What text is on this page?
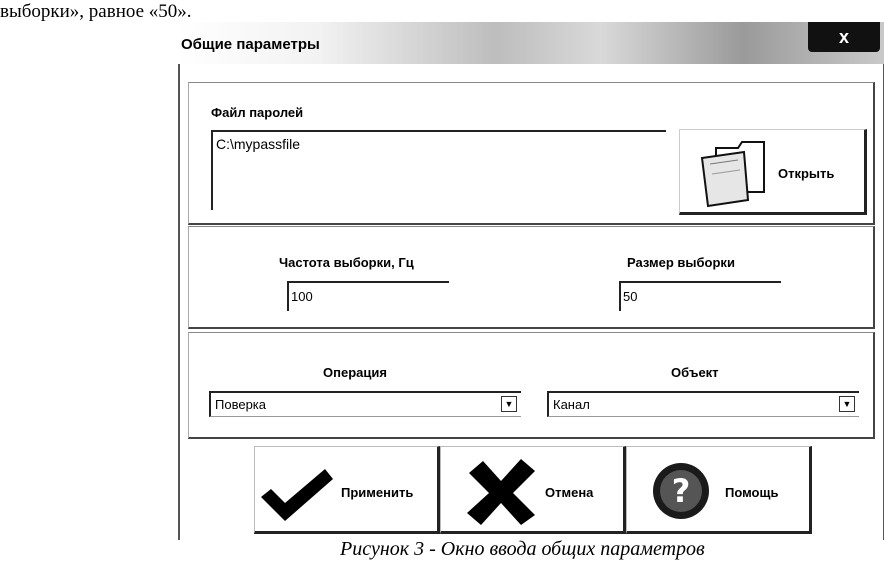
выборки», равное «50».
Общие параметры	x
Файл паролей
C:\mypassfile
Открыть
Частота выборки, Гц
100
Размер выборки
50
Операция
Поверка	▼
Объект
Канал	▼
Применить	Отмена ?	Помощь
Рисунок 3 - Окно ввода общих параметров
